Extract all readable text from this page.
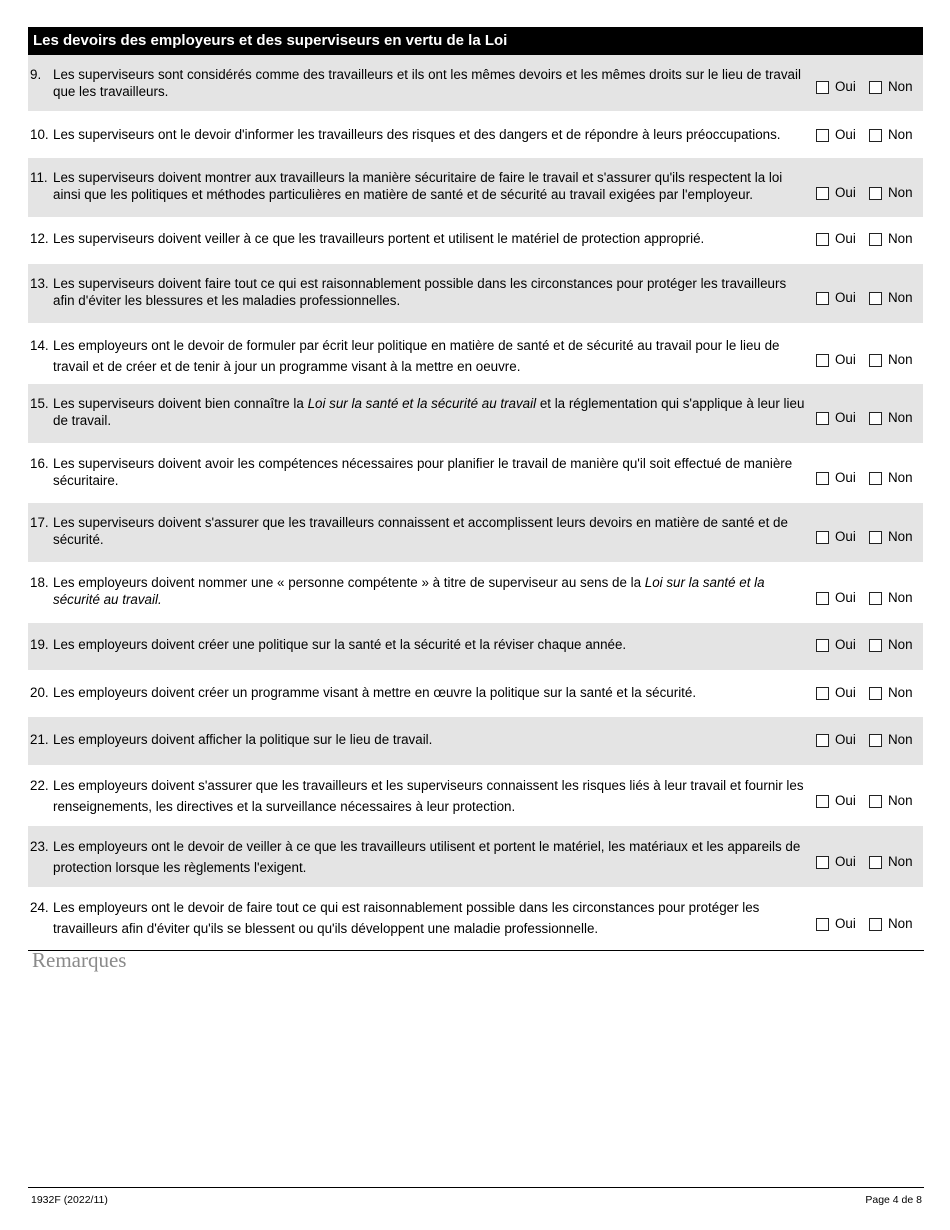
Les devoirs des employeurs et des superviseurs en vertu de la Loi
9. Les superviseurs sont considérés comme des travailleurs et ils ont les mêmes devoirs et les mêmes droits sur le lieu de travail que les travailleurs.	Oui	Non
10. Les superviseurs ont le devoir d'informer les travailleurs des risques et des dangers et de répondre à leurs préoccupations.	Oui	Non
11. Les superviseurs doivent montrer aux travailleurs la manière sécuritaire de faire le travail et s'assurer qu'ils respectent la loi ainsi que les politiques et méthodes particulières en matière de santé et de sécurité au travail exigées par l'employeur.	Oui	Non
12. Les superviseurs doivent veiller à ce que les travailleurs portent et utilisent le matériel de protection approprié.	Oui	Non
13. Les superviseurs doivent faire tout ce qui est raisonnablement possible dans les circonstances pour protéger les travailleurs afin d'éviter les blessures et les maladies professionnelles.	Oui	Non
14. Les employeurs ont le devoir de formuler par écrit leur politique en matière de santé et de sécurité au travail pour le lieu de travail et de créer et de tenir à jour un programme visant à la mettre en oeuvre.	Oui	Non
15. Les superviseurs doivent bien connaître la Loi sur la santé et la sécurité au travail et la réglementation qui s'applique à leur lieu de travail.	Oui	Non
16. Les superviseurs doivent avoir les compétences nécessaires pour planifier le travail de manière qu'il soit effectué de manière sécuritaire.	Oui	Non
17. Les superviseurs doivent s'assurer que les travailleurs connaissent et accomplissent leurs devoirs en matière de santé et de sécurité.	Oui	Non
18. Les employeurs doivent nommer une « personne compétente » à titre de superviseur au sens de la Loi sur la santé et la sécurité au travail.	Oui	Non
19. Les employeurs doivent créer une politique sur la santé et la sécurité et la réviser chaque année.	Oui	Non
20. Les employeurs doivent créer un programme visant à mettre en œuvre la politique sur la santé et la sécurité.	Oui	Non
21. Les employeurs doivent afficher la politique sur le lieu de travail.	Oui	Non
22. Les employeurs doivent s'assurer que les travailleurs et les superviseurs connaissent les risques liés à leur travail et fournir les renseignements, les directives et la surveillance nécessaires à leur protection.	Oui	Non
23. Les employeurs ont le devoir de veiller à ce que les travailleurs utilisent et portent le matériel, les matériaux et les appareils de protection lorsque les règlements l'exigent.	Oui	Non
24. Les employeurs ont le devoir de faire tout ce qui est raisonnablement possible dans les circonstances pour protéger les travailleurs afin d'éviter qu'ils se blessent ou qu'ils développent une maladie professionnelle.	Oui	Non
Remarques
1932F (2022/11)	Page 4 de 8
